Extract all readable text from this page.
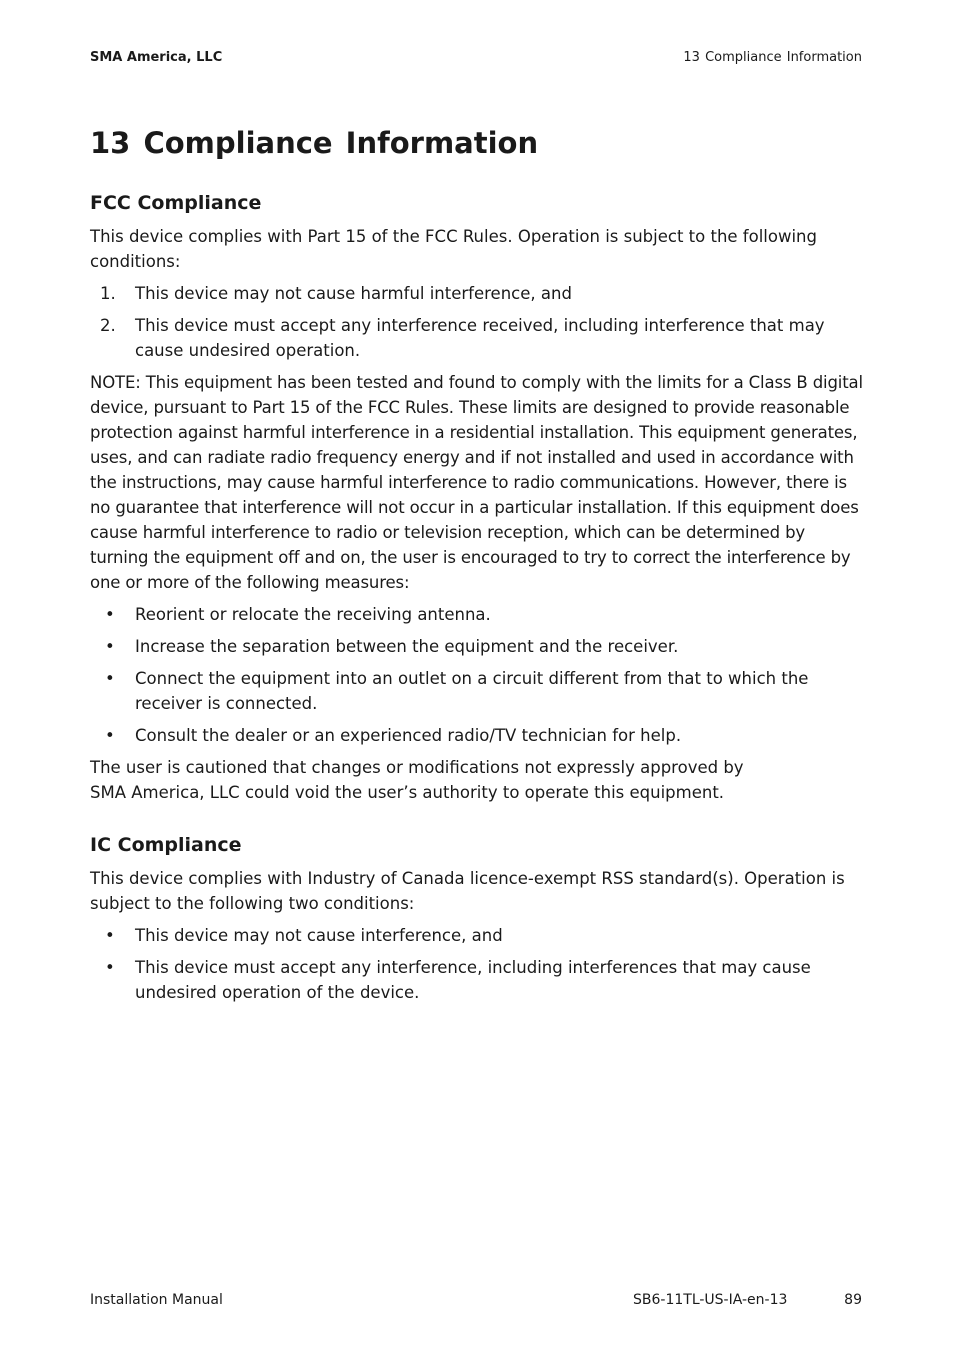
SMA America, LLC	13 Compliance Information
13 Compliance Information
FCC Compliance

This device complies with Part 15 of the FCC Rules. Operation is subject to the following conditions:

1. This device may not cause harmful interference, and
2. This device must accept any interference received, including interference that may cause undesired operation.

NOTE: This equipment has been tested and found to comply with the limits for a Class B digital device, pursuant to Part 15 of the FCC Rules. These limits are designed to provide reasonable protection against harmful interference in a residential installation. This equipment generates, uses, and can radiate radio frequency energy and if not installed and used in accordance with the instructions, may cause harmful interference to radio communications. However, there is no guarantee that interference will not occur in a particular installation. If this equipment does cause harmful interference to radio or television reception, which can be determined by turning the equipment off and on, the user is encouraged to try to correct the interference by one or more of the following measures:

• Reorient or relocate the receiving antenna.
• Increase the separation between the equipment and the receiver.
• Connect the equipment into an outlet on a circuit different from that to which the receiver is connected.
• Consult the dealer or an experienced radio/TV technician for help.

The user is cautioned that changes or modifications not expressly approved by
SMA America, LLC could void the user’s authority to operate this equipment.

IC Compliance

This device complies with Industry of Canada licence-exempt RSS standard(s). Operation is subject to the following two conditions:

• This device may not cause interference, and
• This device must accept any interference, including interferences that may cause undesired operation of the device.
Installation Manual	SB6-11TL-US-IA-en-13	89
